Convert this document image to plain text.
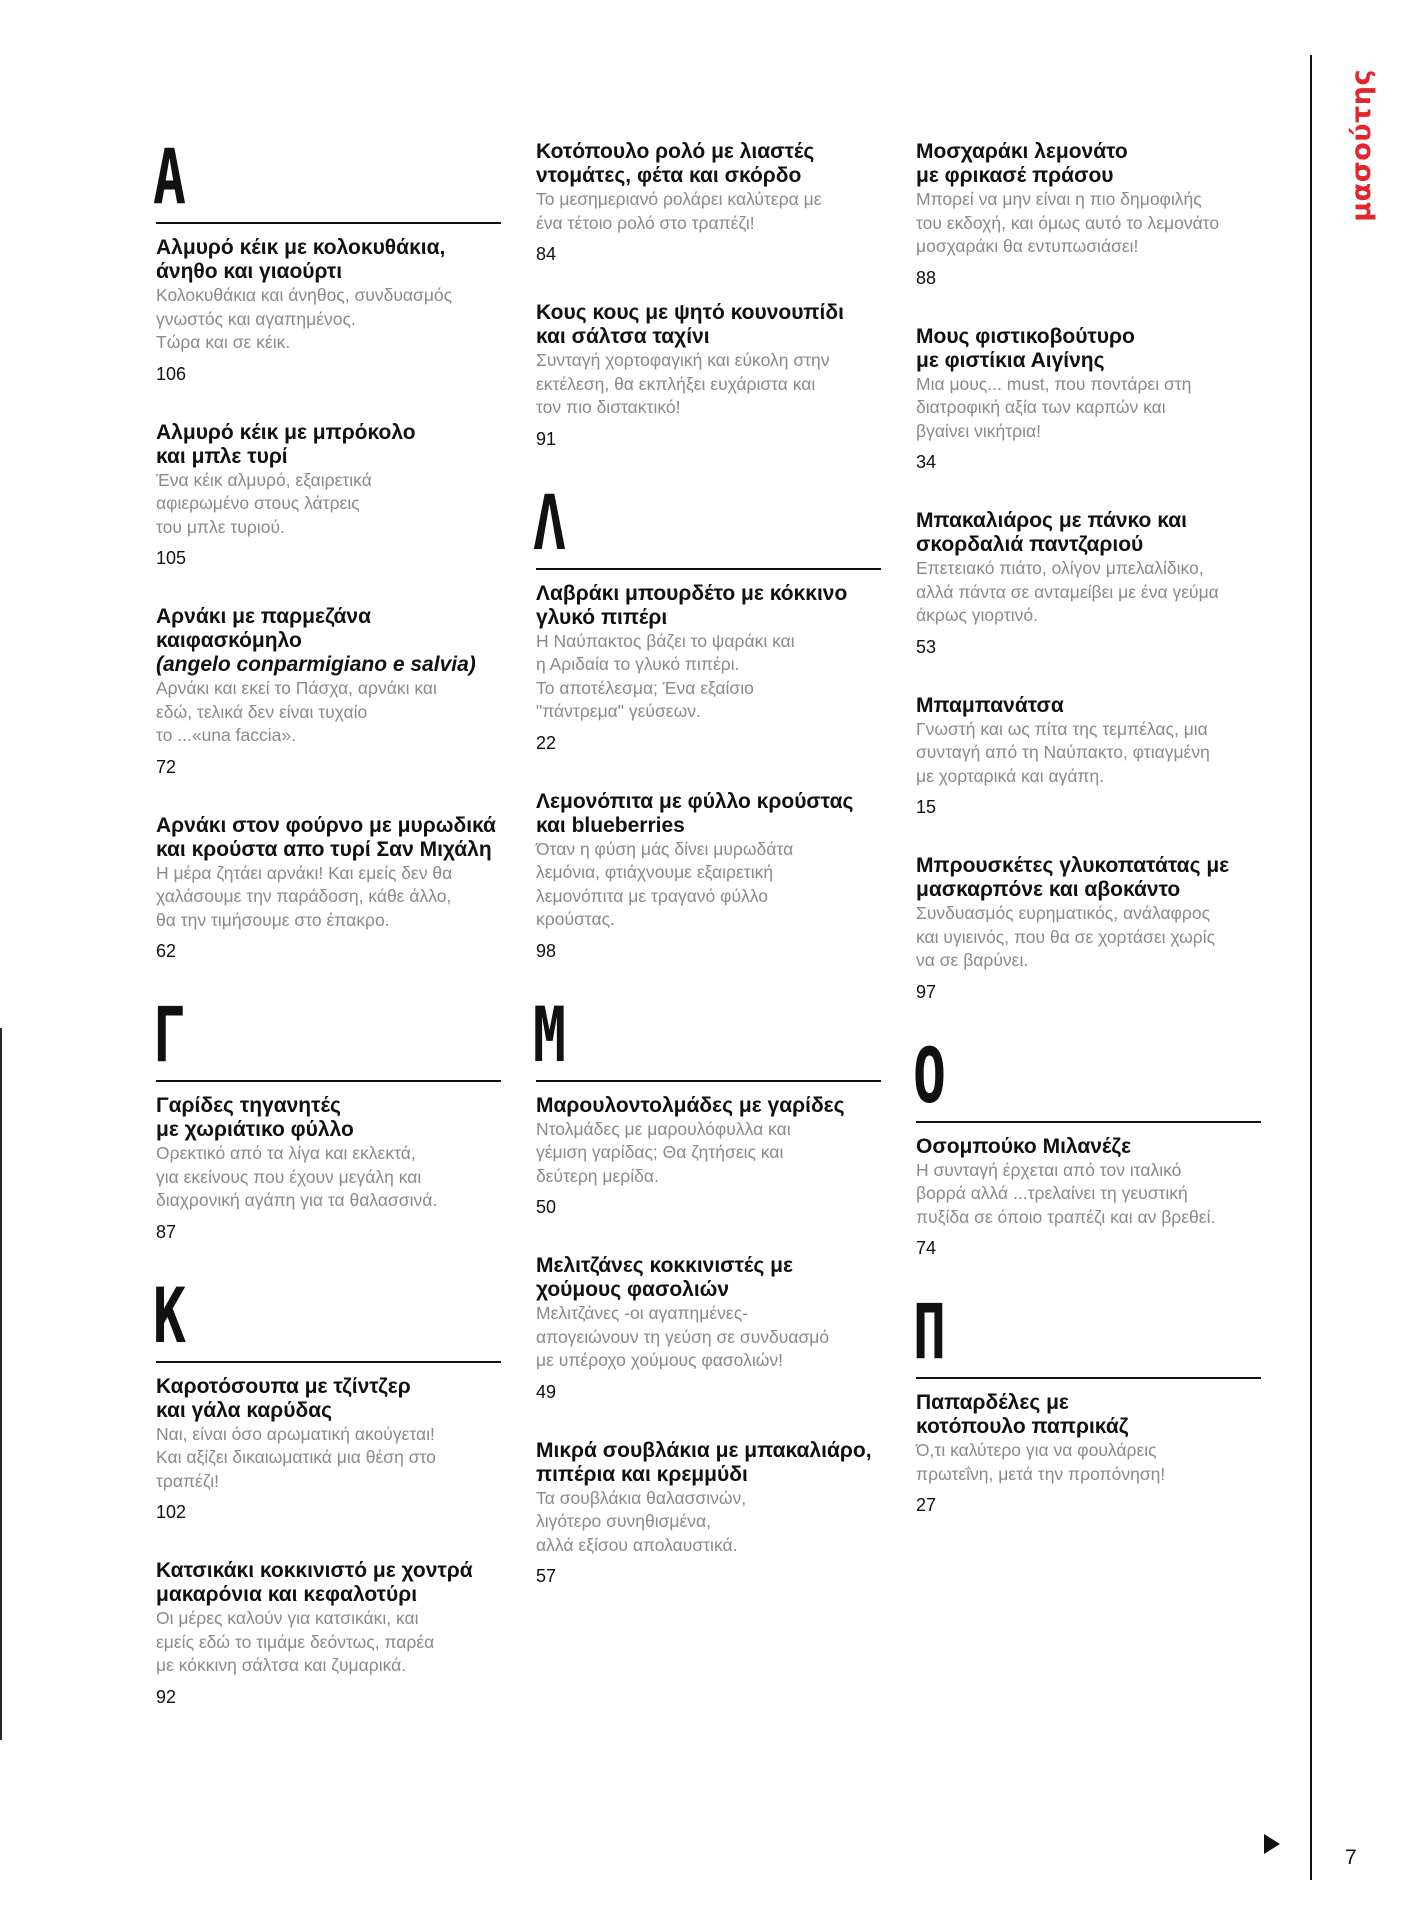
μασούτης
Α
Αλμυρό κέικ με κολοκυθάκια,
άνηθο και γιαούρτι
Κολοκυθάκια και άνηθος, συνδυασμός
γνωστός και αγαπημένος.
Τώρα και σε κέικ.
106
Αλμυρό κέικ με μπρόκολο
και μπλε τυρί
Ένα κέικ αλμυρό, εξαιρετικά
αφιερωμένο στους λάτρεις
του μπλε τυριού.
105
Αρνάκι με παρμεζάνα καιφασκόμηλο
(angelo conparmigiano e salvia)
Αρνάκι και εκεί το Πάσχα, αρνάκι και
εδώ, τελικά δεν είναι τυχαίο
το ...«una faccia».
72
Αρνάκι στον φούρνο με μυρωδικά
και κρούστα απο τυρί Σαν Μιχάλη
Η μέρα ζητάει αρνάκι! Και εμείς δεν θα
χαλάσουμε την παράδοση, κάθε άλλο,
θα την τιμήσουμε στο έπακρο.
62
Γ
Γαρίδες τηγανητές
με χωριάτικο φύλλο
Ορεκτικό από τα λίγα και εκλεκτά,
για εκείνους που έχουν μεγάλη και
διαχρονική αγάπη για τα θαλασσινά.
87
Κ
Καροτόσουπα με τζίντζερ
και γάλα καρύδας
Ναι, είναι όσο αρωματική ακούγεται!
Και αξίζει δικαιωματικά μια θέση στο
τραπέζι!
102
Κατσικάκι κοκκινιστό με χοντρά
μακαρόνια και κεφαλοτύρι
Οι μέρες καλούν για κατσικάκι, και
εμείς εδώ το τιμάμε δεόντως, παρέα
με κόκκινη σάλτσα και ζυμαρικά.
92
Κοτόπουλο ρολό με λιαστές
ντομάτες, φέτα και σκόρδο
Το μεσημεριανό ρολάρει καλύτερα με
ένα τέτοιο ρολό στο τραπέζι!
84
Κους κους με ψητό κουνουπίδι
και σάλτσα ταχίνι
Συνταγή χορτοφαγική και εύκολη στην
εκτέλεση, θα εκπλήξει ευχάριστα και
τον πιο διστακτικό!
91
Λ
Λαβράκι μπουρδέτο με κόκκινο
γλυκό πιπέρι
Η Ναύπακτος βάζει το ψαράκι και
η Αριδαία το γλυκό πιπέρι.
Το αποτέλεσμα; Ένα εξαίσιο
"πάντρεμα" γεύσεων.
22
Λεμονόπιτα με φύλλο κρούστας
και blueberries
Όταν η φύση μάς δίνει μυρωδάτα
λεμόνια, φτιάχνουμε εξαιρετική
λεμονόπιτα με τραγανό φύλλο
κρούστας.
98
Μ
Μαρουλοντολμάδες με γαρίδες
Ντολμάδες με μαρουλόφυλλα και
γέμιση γαρίδας; Θα ζητήσεις και
δεύτερη μερίδα.
50
Μελιτζάνες κοκκινιστές με
χούμους φασολιών
Μελιτζάνες -οι αγαπημένες-
απογειώνουν τη γεύση σε συνδυασμό
με υπέροχο χούμους φασολιών!
49
Μικρά σουβλάκια με μπακαλιάρο,
πιπέρια και κρεμμύδι
Τα σουβλάκια θαλασσινών,
λιγότερο συνηθισμένα,
αλλά εξίσου απολαυστικά.
57
Μοσχαράκι λεμονάτο
με φρικασέ πράσου
Μπορεί να μην είναι η πιο δημοφιλής
του εκδοχή, και όμως αυτό το λεμονάτο
μοσχαράκι θα εντυπωσιάσει!
88
Μους φιστικοβούτυρο
με φιστίκια Αιγίνης
Μια μους... must, που ποντάρει στη
διατροφική αξία των καρπών και
βγαίνει νικήτρια!
34
Μπακαλιάρος με πάνκο και
σκορδαλιά παντζαριού
Επετειακό πιάτο, ολίγον μπελαλίδικο,
αλλά πάντα σε ανταμείβει με ένα γεύμα
άκρως γιορτινό.
53
Μπαμπανάτσα
Γνωστή και ως πίτα της τεμπέλας, μια
συνταγή από τη Ναύπακτο, φτιαγμένη
με χορταρικά και αγάπη.
15
Μπρουσκέτες γλυκοπατάτας με
μασκαρπόνε και αβοκάντο
Συνδυασμός ευρηματικός, ανάλαφρος
και υγιεινός, που θα σε χορτάσει χωρίς
να σε βαρύνει.
97
Ο
Οσομπούκο Μιλανέζε
Η συνταγή έρχεται από τον ιταλικό
βορρά αλλά ...τρελαίνει τη γευστική
πυξίδα σε όποιο τραπέζι και αν βρεθεί.
74
Π
Παπαρδέλες με
κοτόπουλο παπρικάζ
Ό,τι καλύτερο για να φουλάρεις
πρωτεΐνη, μετά την προπόνηση!
27
7
